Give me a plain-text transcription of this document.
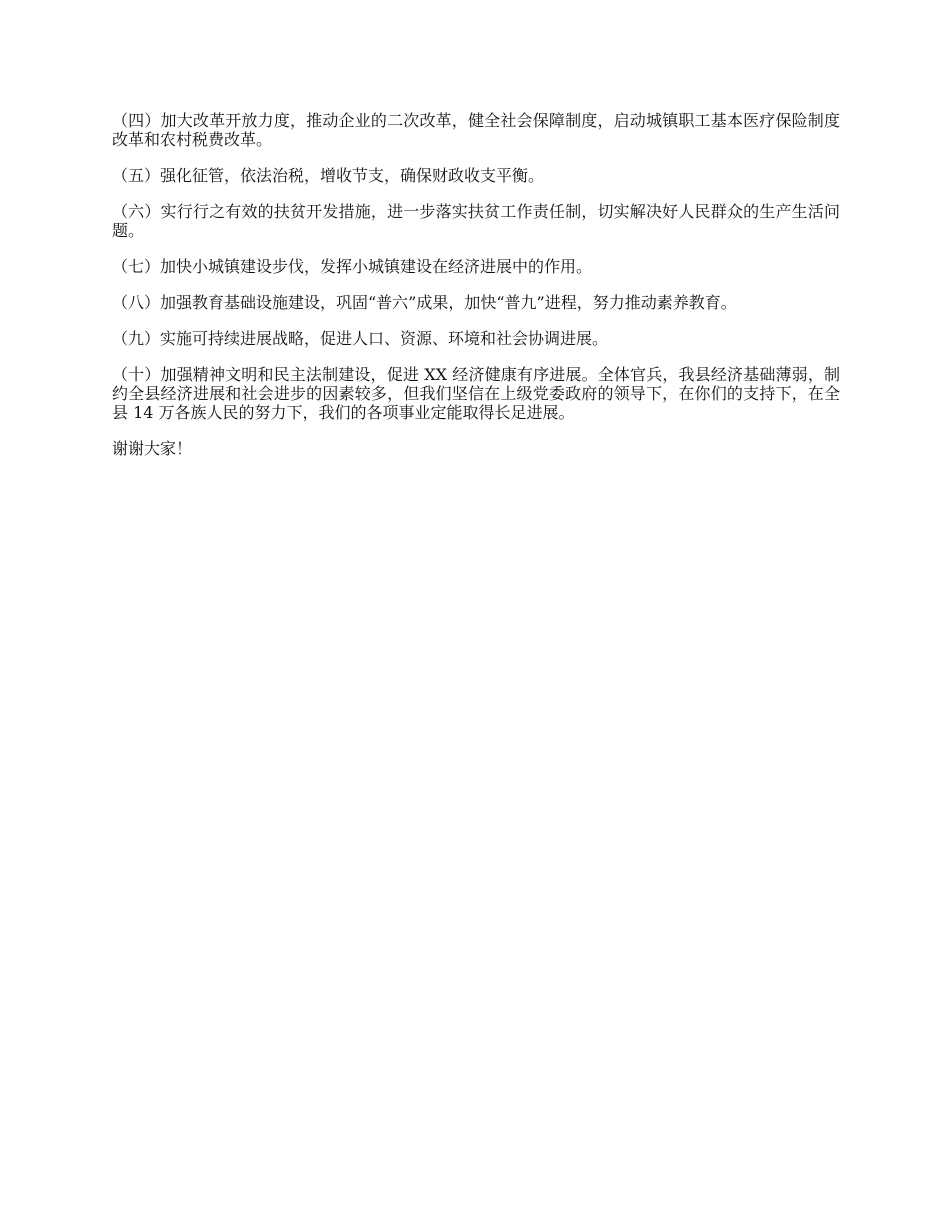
（四）加大改革开放力度，推动企业的二次改革，健全社会保障制度，启动城镇职工基本医疗保险制度改革和农村税费改革。

（五）强化征管，依法治税，增收节支，确保财政收支平衡。

（六）实行行之有效的扶贫开发措施，进一步落实扶贫工作责任制，切实解决好人民群众的生产生活问题。

（七）加快小城镇建设步伐，发挥小城镇建设在经济进展中的作用。

（八）加强教育基础设施建设，巩固“普六”成果，加快“普九”进程，努力推动素养教育。

（九）实施可持续进展战略，促进人口、资源、环境和社会协调进展。

（十）加强精神文明和民主法制建设，促进 XX 经济健康有序进展。全体官兵，我县经济基础薄弱，制约全县经济进展和社会进步的因素较多，但我们坚信在上级党委政府的领导下，在你们的支持下，在全县 14 万各族人民的努力下，我们的各项事业定能取得长足进展。

谢谢大家！
